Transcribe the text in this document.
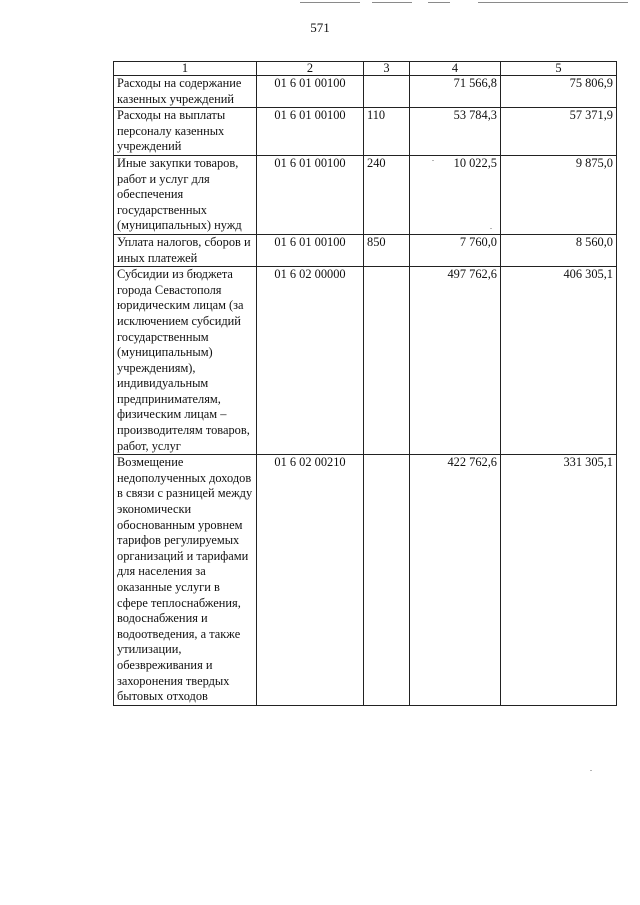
571
1	2	3	4	5
Расходы на содержание казенных учреждений	01 6 01 00100		71 566,8	75 806,9
Расходы на выплаты персоналу казенных учреждений	01 6 01 00100	110	53 784,3	57 371,9
Иные закупки товаров, работ и услуг для обеспечения государственных (муниципальных) нужд	01 6 01 00100	240	10 022,5	9 875,0
Уплата налогов, сборов и иных платежей	01 6 01 00100	850	7 760,0	8 560,0
Субсидии из бюджета города Севастополя юридическим лицам (за исключением субсидий государственным (муниципальным) учреждениям), индивидуальным предпринимателям, физическим лицам – производителям товаров, работ, услуг	01 6 02 00000		497 762,6	406 305,1
Возмещение недополученных доходов в связи с разницей между экономически обоснованным уровнем тарифов регулируемых организаций и тарифами для населения за оказанные услуги в сфере теплоснабжения, водоснабжения и водоотведения, а также утилизации, обезвреживания и захоронения твердых бытовых отходов	01 6 02 00210		422 762,6	331 305,1
